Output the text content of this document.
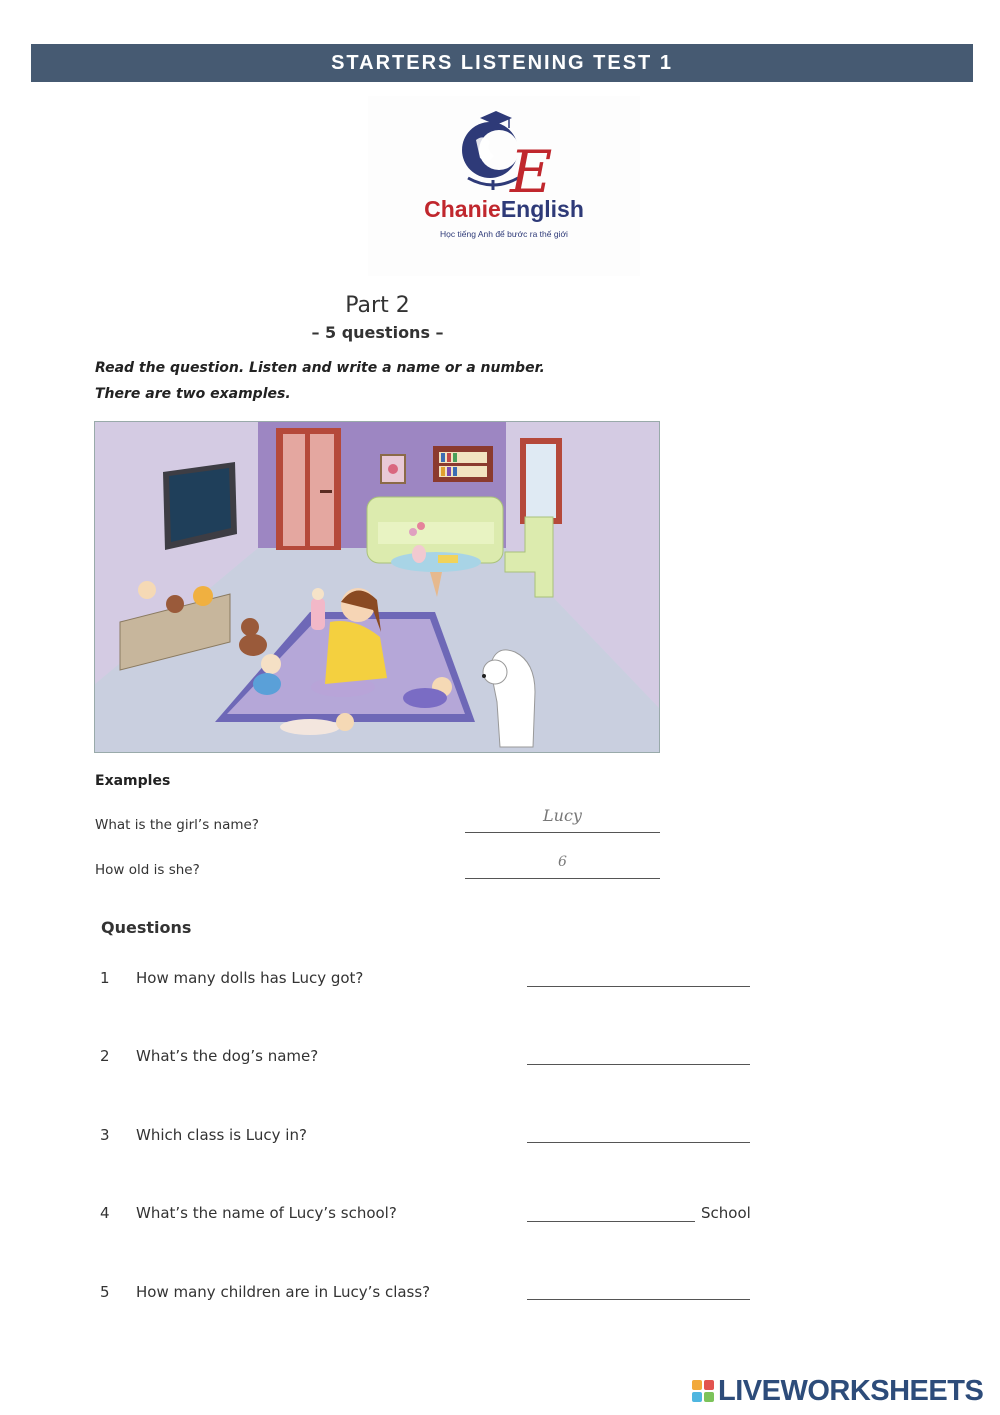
STARTERS LISTENING TEST 1
E
ChanieEnglish
Học tiếng Anh để bước ra thế giới
Part 2
– 5 questions –
Read the question. Listen and write a name or a number.
There are two examples.
Examples
What is the girl’s name?	Lucy
How old is she?	6
Questions
1 How many dolls has Lucy got?
2 What’s the dog’s name?
3 Which class is Lucy in?
4 What’s the name of Lucy’s school?	School
5 How many children are in Lucy’s class?
LIVEWORKSHEETS
